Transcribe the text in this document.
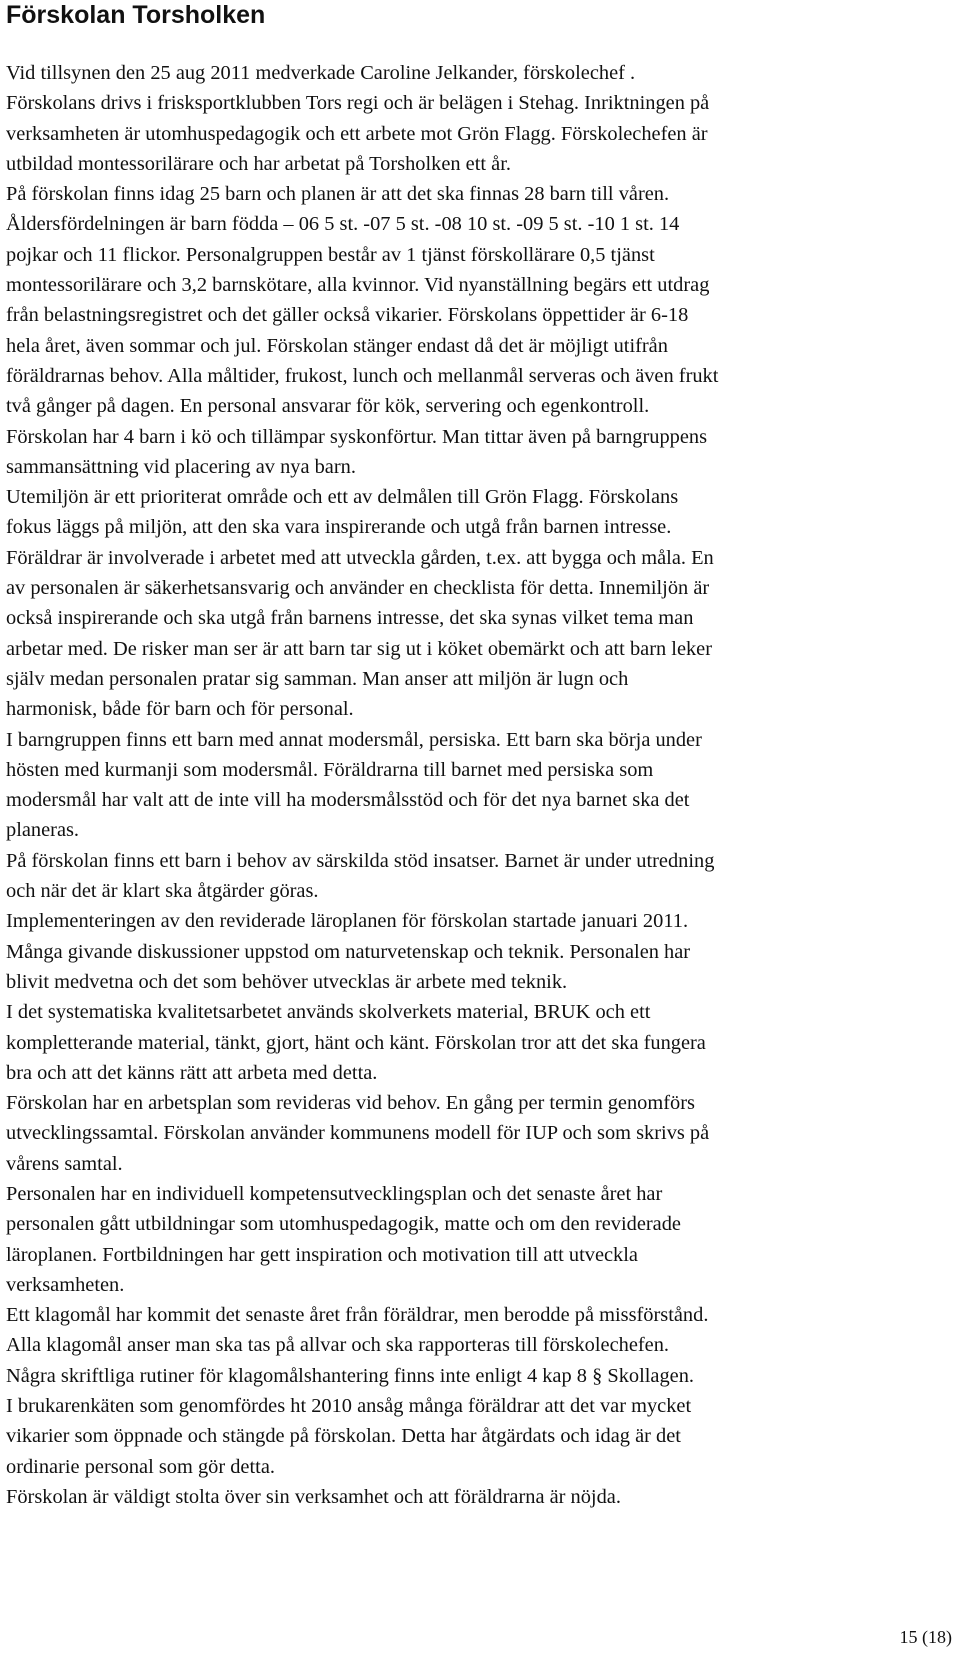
Förskolan Torsholken
Vid tillsynen den 25 aug 2011 medverkade Caroline Jelkander, förskolechef .
Förskolans drivs i frisksportklubben Tors regi och är belägen i Stehag. Inriktningen på
verksamheten är utomhuspedagogik och ett arbete mot Grön Flagg. Förskolechefen är
utbildad montessorilärare och har arbetat på Torsholken ett år.
På förskolan finns idag 25 barn och planen är att det ska finnas 28 barn till våren.
Åldersfördelningen är barn födda – 06 5 st. -07 5 st. -08 10 st. -09 5 st. -10 1 st. 14
pojkar och 11 flickor. Personalgruppen består av 1 tjänst förskollärare 0,5 tjänst
montessorilärare och 3,2 barnskötare, alla kvinnor. Vid nyanställning begärs ett utdrag
från belastningsregistret och det gäller också vikarier. Förskolans öppettider är 6-18
hela året, även sommar och jul. Förskolan stänger endast då det är möjligt utifrån
föräldrarnas behov. Alla måltider, frukost, lunch och mellanmål serveras och även frukt
två gånger på dagen. En personal ansvarar för kök, servering och egenkontroll.
Förskolan har 4 barn i kö och tillämpar syskonförtur. Man tittar även på barngruppens
sammansättning vid placering av nya barn.
Utemiljön är ett prioriterat område och ett av delmålen till Grön Flagg. Förskolans
fokus läggs på miljön, att den ska vara inspirerande och utgå från barnen intresse.
Föräldrar är involverade i arbetet med att utveckla gården, t.ex. att bygga och måla. En
av personalen är säkerhetsansvarig och använder en checklista för detta. Innemiljön är
också inspirerande och ska utgå från barnens intresse, det ska synas vilket tema man
arbetar med. De risker man ser är att barn tar sig ut i köket obemärkt och att barn leker
själv medan personalen pratar sig samman. Man anser att miljön är lugn och
harmonisk, både för barn och för personal.
I barngruppen finns ett barn med annat modersmål, persiska. Ett barn ska börja under
hösten med kurmanji som modersmål. Föräldrarna till barnet med persiska som
modersmål har valt att de inte vill ha modersmålsstöd och för det nya barnet ska det
planeras.
På förskolan finns ett barn i behov av särskilda stöd insatser. Barnet är under utredning
och när det är klart ska åtgärder göras.
Implementeringen av den reviderade läroplanen för förskolan startade januari 2011.
Många givande diskussioner uppstod om naturvetenskap och teknik. Personalen har
blivit medvetna och det som behöver utvecklas är arbete med teknik.
I det systematiska kvalitetsarbetet används skolverkets material, BRUK och ett
kompletterande material, tänkt, gjort, hänt och känt. Förskolan tror att det ska fungera
bra och att det känns rätt att arbeta med detta.
Förskolan har en arbetsplan som revideras vid behov. En gång per termin genomförs
utvecklingssamtal. Förskolan använder kommunens modell för IUP och som skrivs på
vårens samtal.
Personalen har en individuell kompetensutvecklingsplan och det senaste året har
personalen gått utbildningar som utomhuspedagogik, matte och om den reviderade
läroplanen. Fortbildningen har gett inspiration och motivation till att utveckla
verksamheten.
Ett klagomål har kommit det senaste året från föräldrar, men berodde på missförstånd.
Alla klagomål anser man ska tas på allvar och ska rapporteras till förskolechefen.
Några skriftliga rutiner för klagomålshantering finns inte enligt 4 kap 8 § Skollagen.
I brukarenkäten som genomfördes ht 2010 ansåg många föräldrar att det var mycket
vikarier som öppnade och stängde på förskolan. Detta har åtgärdats och idag är det
ordinarie personal som gör detta.
Förskolan är väldigt stolta över sin verksamhet och att föräldrarna är nöjda.
15 (18)
